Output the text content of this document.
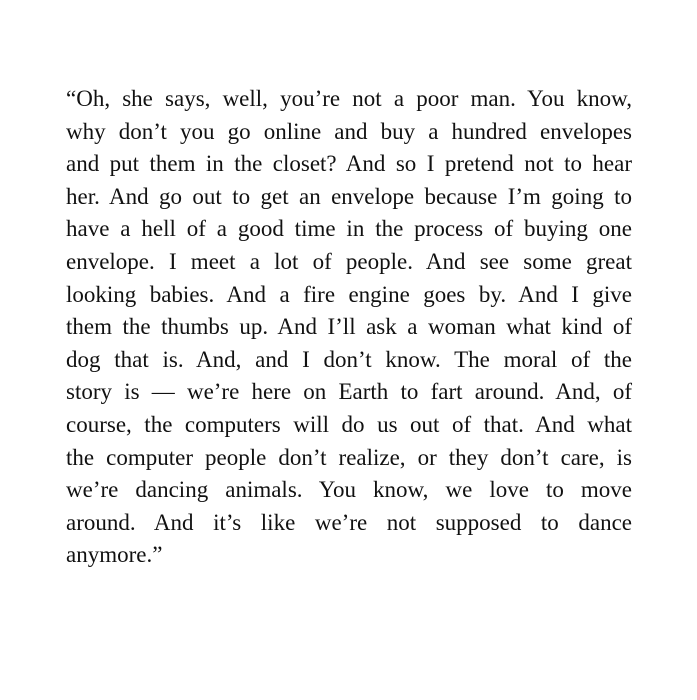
“Oh, she says, well, you’re not a poor man. You know,
why don’t you go online and buy a hundred envelopes
and put them in the closet? And so I pretend not to hear
her. And go out to get an envelope because I’m going to
have a hell of a good time in the process of buying one
envelope. I meet a lot of people. And see some great
looking babies. And a fire engine goes by. And I give
them the thumbs up. And I’ll ask a woman what kind of
dog that is. And, and I don’t know. The moral of the
story is — we’re here on Earth to fart around. And, of
course, the computers will do us out of that. And what
the computer people don’t realize, or they don’t care, is
we’re dancing animals. You know, we love to move
around. And it’s like we’re not supposed to dance
anymore.”
